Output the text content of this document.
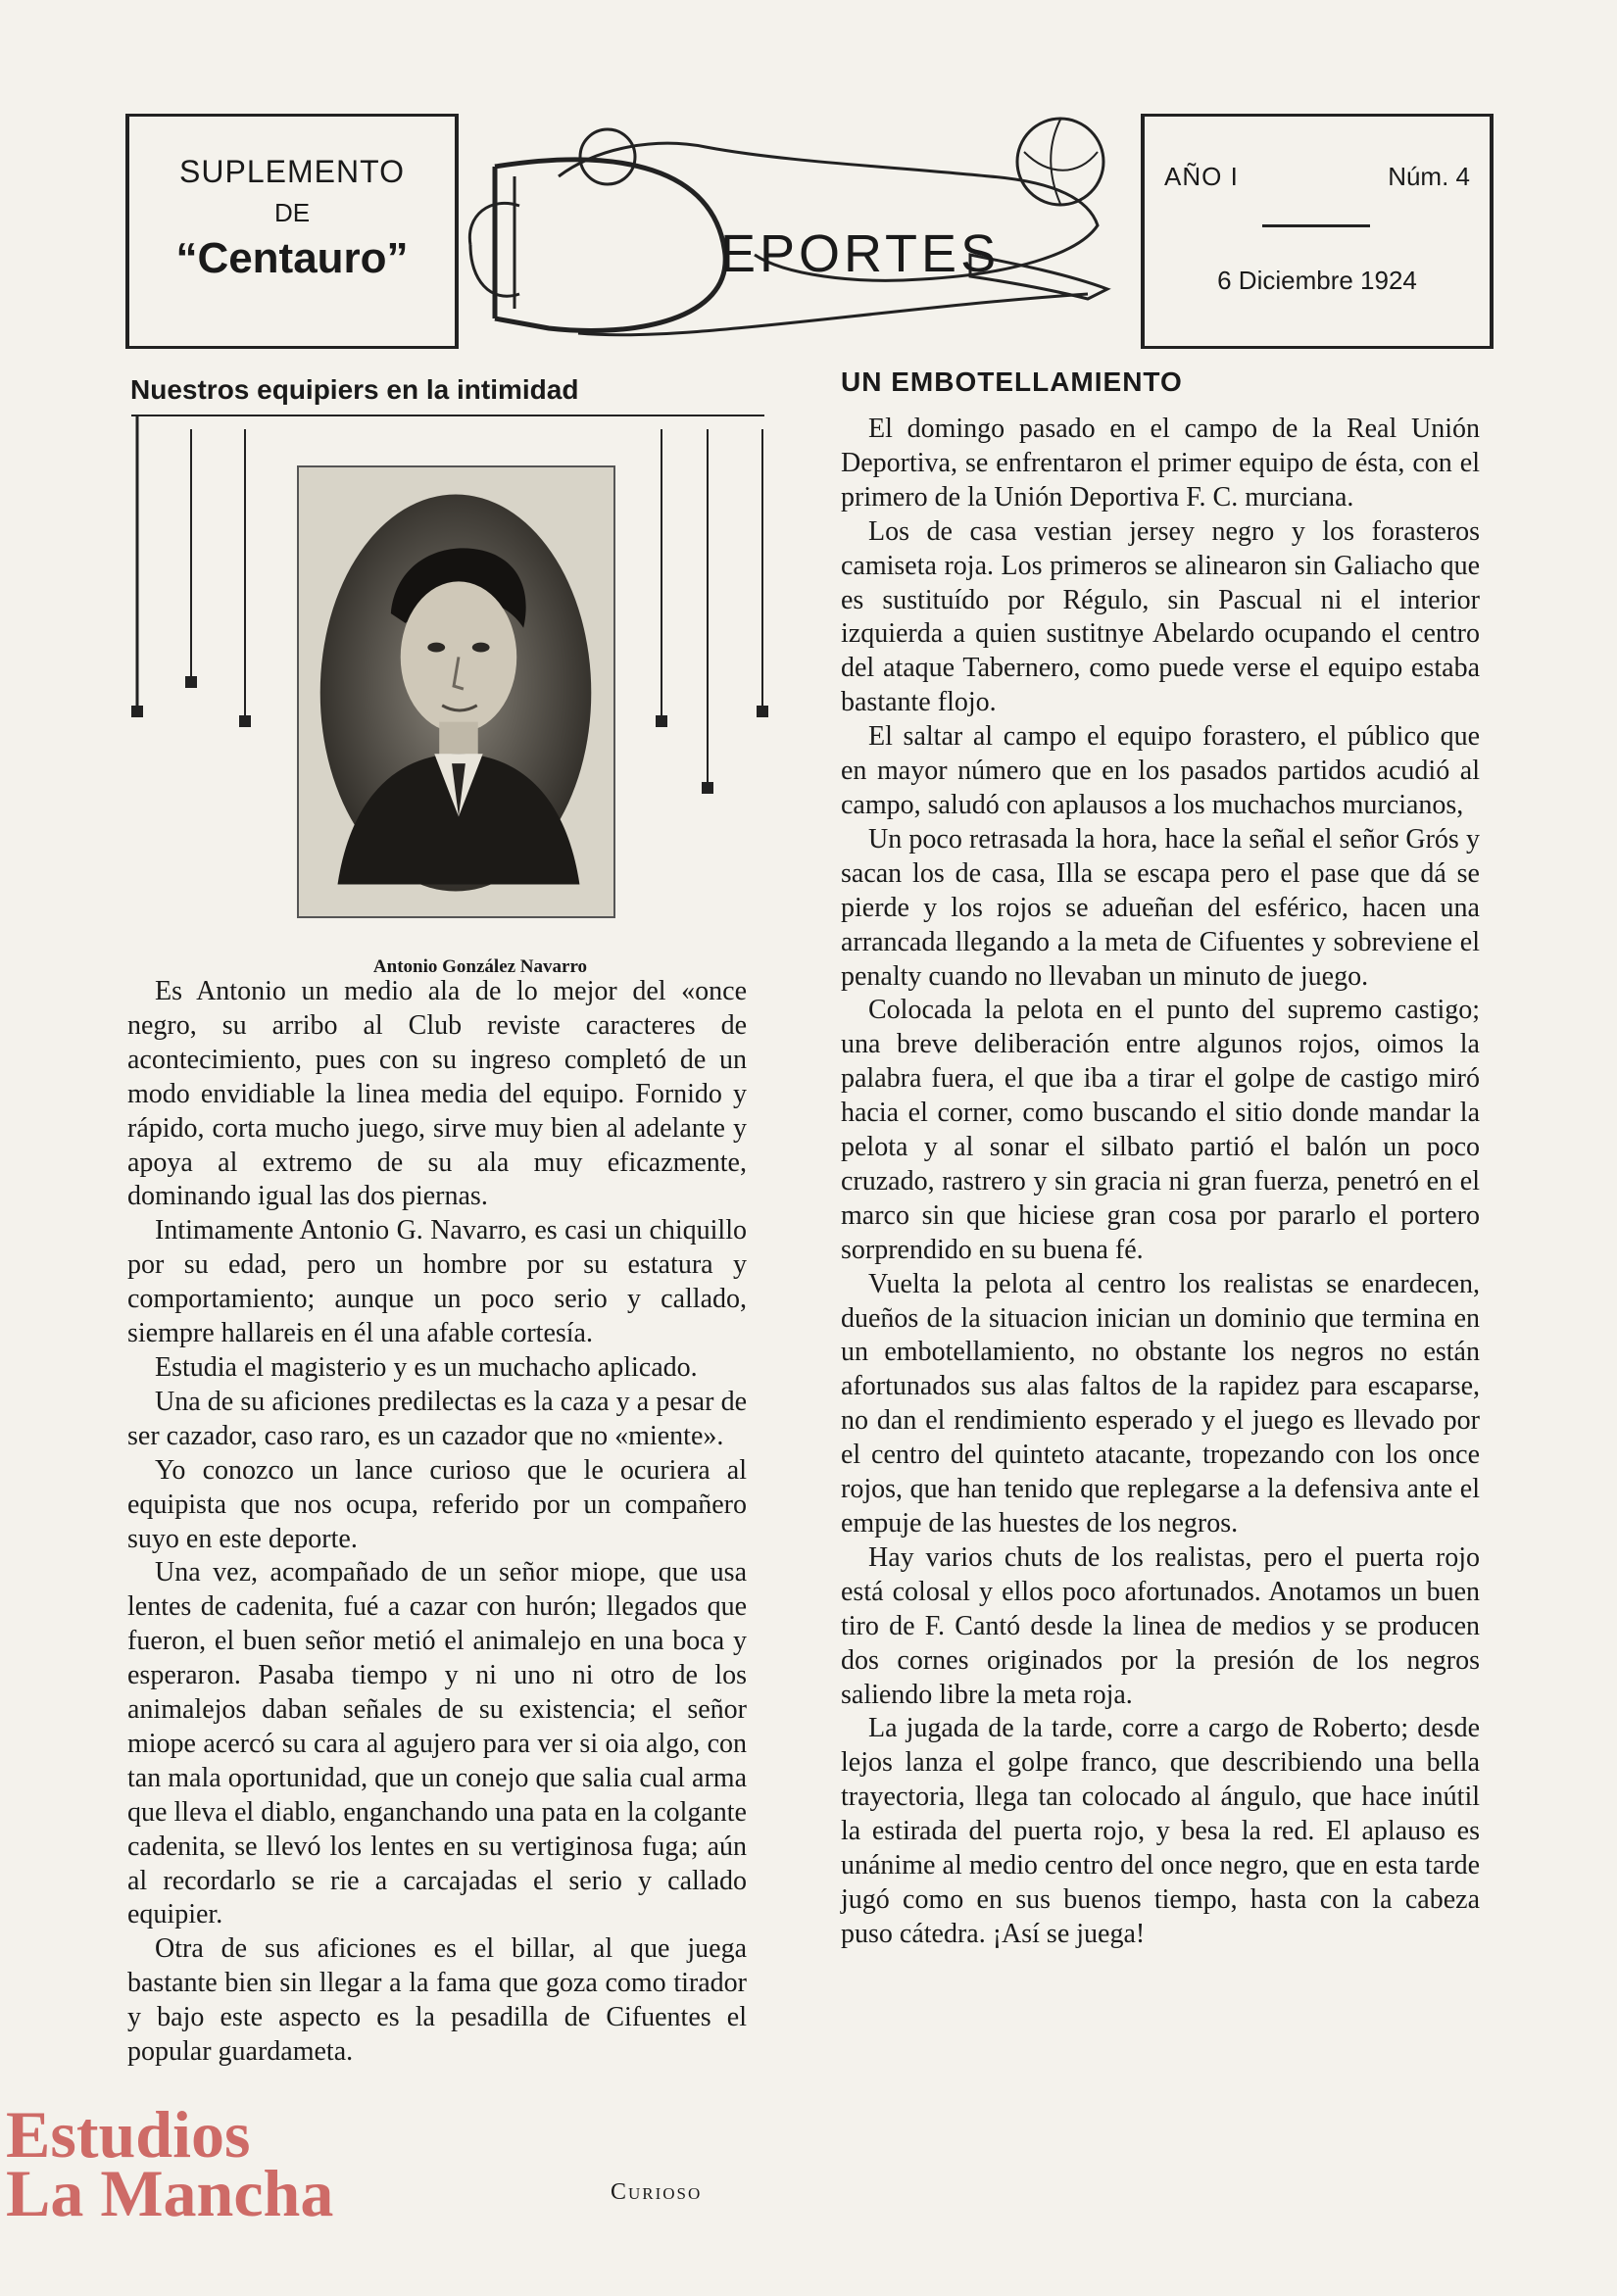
SUPLEMENTO
DE
“Centauro”	EPORTES
AÑO I	Núm. 4
6 Diciembre 1924
Nuestros equipiers en la intimidad	UN EMBOTELLAMIENTO
Antonio González Navarro

Es Antonio un medio ala de lo mejor del «once negro, su arribo al Club reviste caracteres de acontecimiento, pues con su ingreso completó de un modo envidiable la linea media del equipo. Fornido y rápido, corta mucho juego, sirve muy bien al adelante y apoya al extremo de su ala muy eficazmente, dominando igual las dos piernas.

Intimamente Antonio G. Navarro, es casi un chiquillo por su edad, pero un hombre por su estatura y comportamiento; aunque un poco serio y callado, siempre hallareis en él una afable cortesía.

Estudia el magisterio y es un muchacho aplicado.

Una de su aficiones predilectas es la caza y a pesar de ser cazador, caso raro, es un cazador que no «miente».

Yo conozco un lance curioso que le ocuriera al equipista que nos ocupa, referido por un compañero suyo en este deporte.

Una vez, acompañado de un señor miope, que usa lentes de cadenita, fué a cazar con hurón; llegados que fueron, el buen señor metió el animalejo en una boca y esperaron. Pasaba tiempo y ni uno ni otro de los animalejos daban señales de su existencia; el señor miope acercó su cara al agujero para ver si oia algo, con tan mala oportunidad, que un conejo que salia cual arma que lleva el diablo, enganchando una pata en la colgante cadenita, se llevó los lentes en su vertiginosa fuga; aún al recordarlo se rie a carcajadas el serio y callado equipier.

Otra de sus aficiones es el billar, al que juega bastante bien sin llegar a la fama que goza como tirador y bajo este aspecto es la pesadilla de Cifuentes el popular guardameta.

Curioso

El domingo pasado en el campo de la Real Unión Deportiva, se enfrentaron el primer equipo de ésta, con el primero de la Unión Deportiva F. C. murciana.

Los de casa vestian jersey negro y los forasteros camiseta roja. Los primeros se alinearon sin Galiacho que es sustituído por Régulo, sin Pascual ni el interior izquierda a quien sustitnye Abelardo ocupando el centro del ataque Tabernero, como puede verse el equipo estaba bastante flojo.

El saltar al campo el equipo forastero, el público que en mayor número que en los pasados partidos acudió al campo, saludó con aplausos a los muchachos murcianos,

Un poco retrasada la hora, hace la señal el señor Grós y sacan los de casa, Illa se escapa pero el pase que dá se pierde y los rojos se adueñan del esférico, hacen una arrancada llegando a la meta de Cifuentes y sobreviene el penalty cuando no llevaban un minuto de juego.

Colocada la pelota en el punto del supremo castigo; una breve deliberación entre algunos rojos, oimos la palabra fuera, el que iba a tirar el golpe de castigo miró hacia el corner, como buscando el sitio donde mandar la pelota y al sonar el silbato partió el balón un poco cruzado, rastrero y sin gracia ni gran fuerza, penetró en el marco sin que hiciese gran cosa por pararlo el portero sorprendido en su buena fé.

Vuelta la pelota al centro los realistas se enardecen, dueños de la situacion inician un dominio que termina en un embotellamiento, no obstante los negros no están afortunados sus alas faltos de la rapidez para escaparse, no dan el rendimiento esperado y el juego es llevado por el centro del quinteto atacante, tropezando con los once rojos, que han tenido que replegarse a la defensiva ante el empuje de las huestes de los negros.

Hay varios chuts de los realistas, pero el puerta rojo está colosal y ellos poco afortunados. Anotamos un buen tiro de F. Cantó desde la linea de medios y se producen dos cornes originados por la presión de los negros saliendo libre la meta roja.

La jugada de la tarde, corre a cargo de Roberto; desde lejos lanza el golpe franco, que describiendo una bella trayectoria, llega tan colocado al ángulo, que hace inútil la estirada del puerta rojo, y besa la red. El aplauso es unánime al medio centro del once negro, que en esta tarde jugó como en sus buenos tiempo, hasta con la cabeza puso cátedra. ¡Así se juega!

Estudios
La Mancha
